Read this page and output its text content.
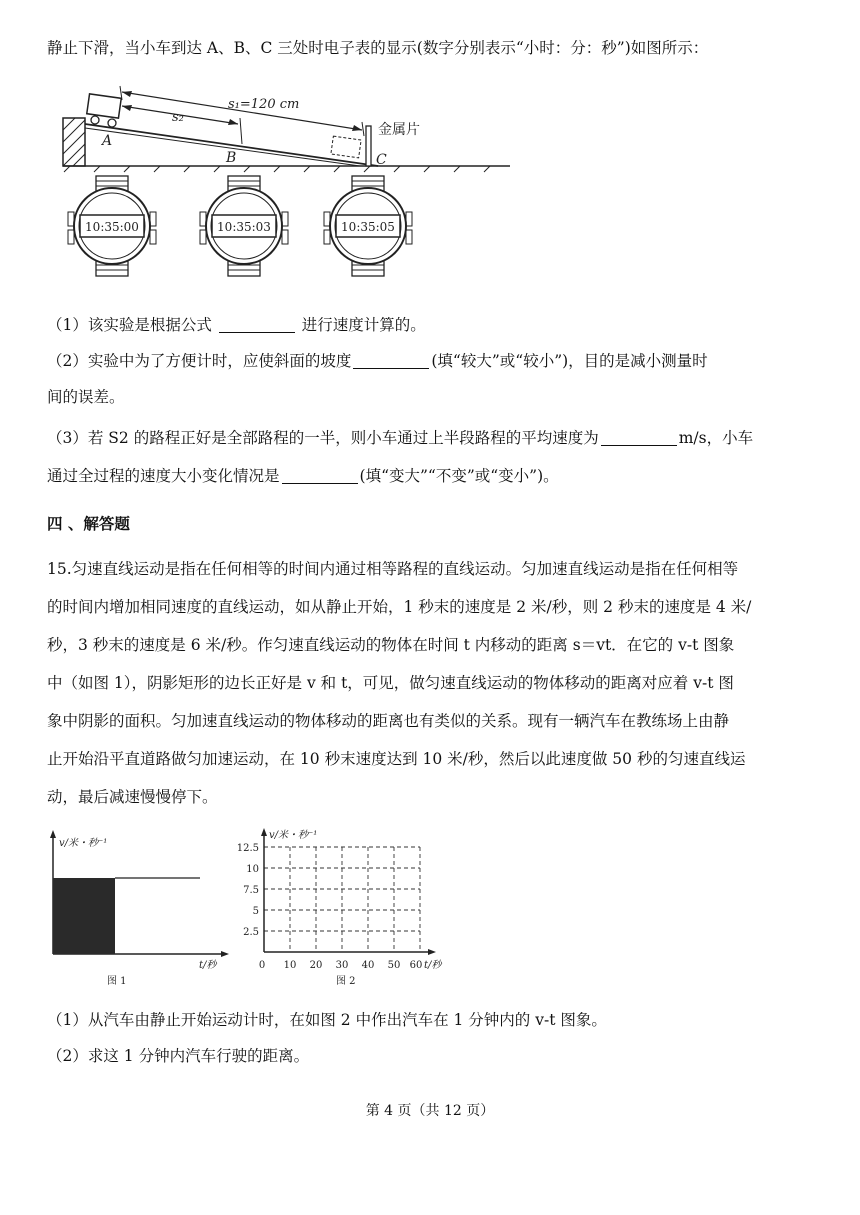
静止下滑，当小车到达 A、B、C 三处时电子表的显示(数字分别表示“小时：分：秒”)如图所示：
s₁=120 cm
s₂
A
B	C
金属片
10:35:00	10:35:03	10:35:05
（1）该实验是根据公式	进行速度计算的。
（2）实验中为了方便计时，应使斜面的坡度	(填“较大”或“较小”)，目的是减小测量时
间的误差。
（3）若 S2 的路程正好是全部路程的一半，则小车通过上半段路程的平均速度为	m/s，小车
通过全过程的速度大小变化情况是	(填“变大”“不变”或“变小”)。
四 、解答题
15.匀速直线运动是指在任何相等的时间内通过相等路程的直线运动。匀加速直线运动是指在任何相等
的时间内增加相同速度的直线运动，如从静止开始，1 秒末的速度是 2 米/秒，则 2 秒末的速度是 4 米/
秒，3 秒末的速度是 6 米/秒。作匀速直线运动的物体在时间 t 内移动的距离 s＝vt．在它的 v-t 图象
中（如图 1），阴影矩形的边长正好是 v 和 t，可见，做匀速直线运动的物体移动的距离对应着 v-t 图
象中阴影的面积。匀加速直线运动的物体移动的距离也有类似的关系。现有一辆汽车在教练场上由静
止开始沿平直道路做匀加速运动，在 10 秒末速度达到 10 米/秒，然后以此速度做 50 秒的匀速直线运
动，最后减速慢慢停下。
v/米・秒⁻¹
t/秒
图 1
v/米・秒⁻¹
12.5
10
7.5
5
2.5
0 10 20 30 40 50 60 t/秒
图 2
（1）从汽车由静止开始运动计时，在如图 2 中作出汽车在 1 分钟内的 v-t 图象。
（2）求这 1 分钟内汽车行驶的距离。
第 4 页（共 12 页）
